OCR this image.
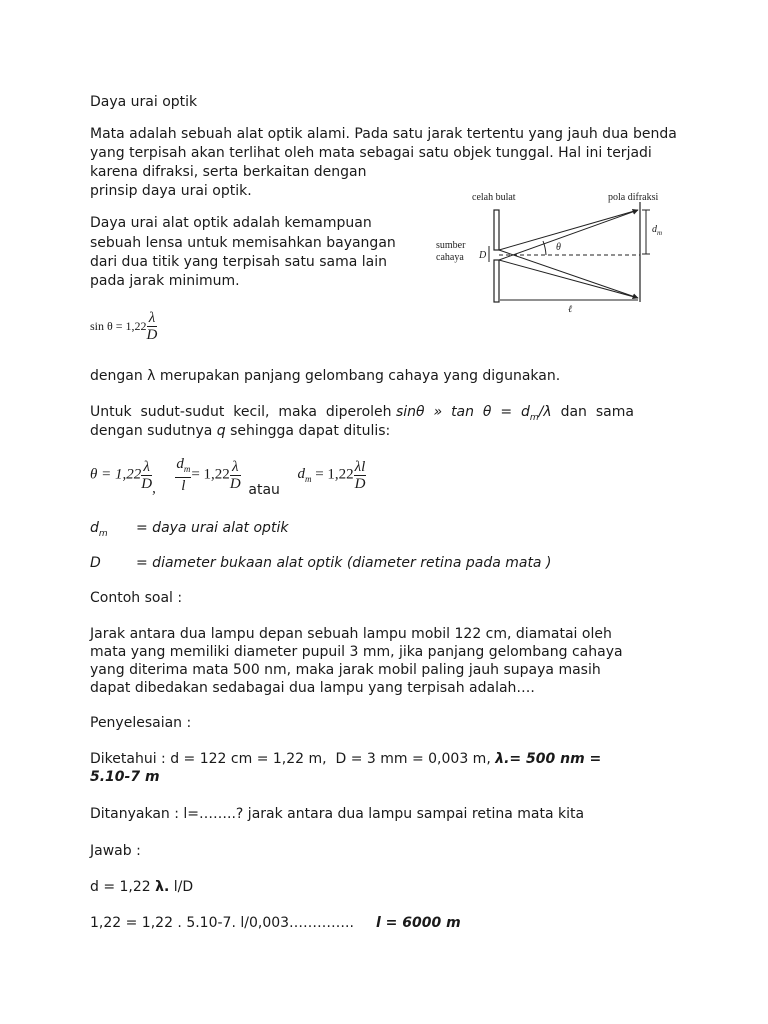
Daya urai optik
Mata adalah sebuah alat optik alami. Pada satu jarak tertentu yang jauh dua benda
yang terpisah akan terlihat oleh mata sebagai satu objek tunggal. Hal ini terjadi
karena difraksi, serta berkaitan dengan
prinsip daya urai optik.
Daya urai alat optik adalah kemampuan
sebuah lensa untuk memisahkan bayangan
dari dua titik yang terpisah satu sama lain
pada jarak minimum.
celah bulat	pola difraksi
sumber
cahaya D
$d_m$
θ
ℓ
$\sin \theta = 1,22 \frac{\lambda}{D}$
dengan λ merupakan panjang gelombang cahaya yang digunakan.
Untuk  sudut-sudut  kecil,  maka  diperoleh sinθ  »  $\tan \theta = d_m/\lambda$  dan  sama
dengan sudutnya q sehingga dapat ditulis:
$\theta = 1,22 \frac{\lambda}{D}$ , $\frac{d_m}{l} = 1,22 \frac{\lambda}{D}$ atau  $d_m = 1,22 \frac{\lambda l}{D}$
$d_m$ = daya urai alat optik
D	= diameter bukaan alat optik (diameter retina pada mata )
Contoh soal :
Jarak antara dua lampu depan sebuah lampu mobil 122 cm, diamatai oleh
mata yang memiliki diameter pupuil 3 mm, jika panjang gelombang cahaya
yang diterima mata 500 nm, maka jarak mobil paling jauh supaya masih
dapat dibedakan sedabagai dua lampu yang terpisah adalah….
Penyelesaian :
Diketahui : d = 122 cm = 1,22 m,  D = 3 mm = 0,003 m, λ.= 500 nm =
5.10-7 m
Ditanyakan : l=……..? jarak antara dua lampu sampai retina mata kita
Jawab :
d = 1,22 λ. l/D
1,22 = 1,22 . 5.10-7. l/0,003………….. l = 6000 m
